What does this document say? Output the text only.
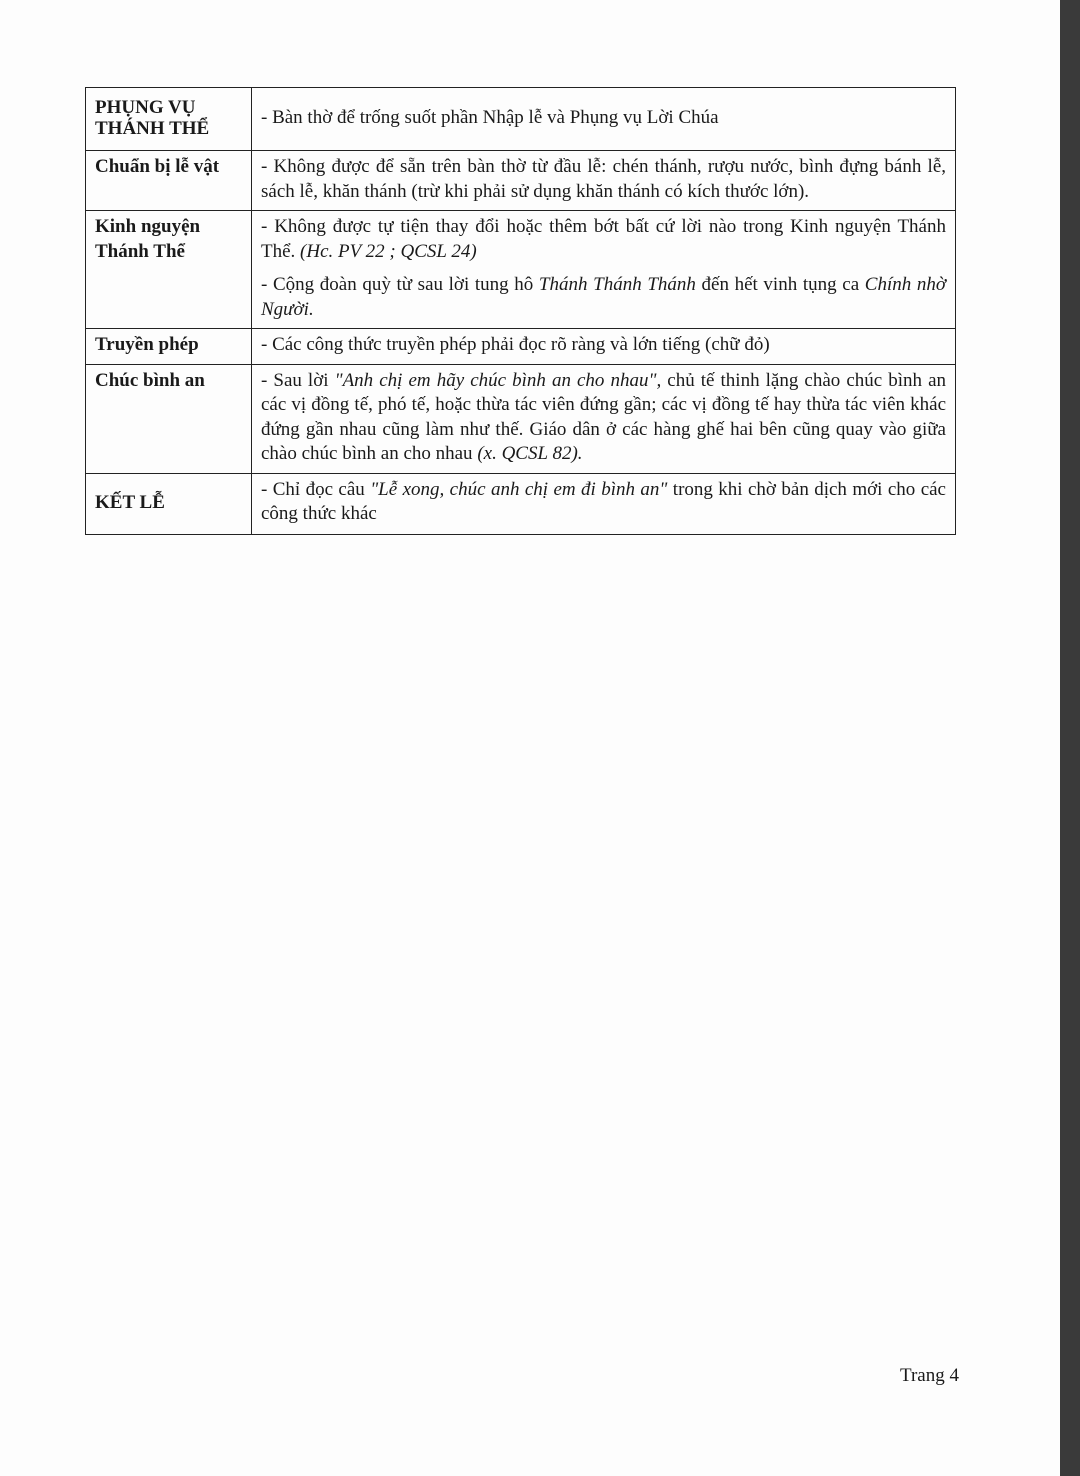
PHỤNG VỤ THÁNH THỂ	- Bàn thờ để trống suốt phần Nhập lễ và Phụng vụ Lời Chúa

Chuẩn bị lễ vật	- Không được để sẵn trên bàn thờ từ đầu lễ: chén thánh, rượu nước, bình đựng bánh lễ, sách lễ, khăn thánh (trừ khi phải sử dụng khăn thánh có kích thước lớn).

Kinh nguyện Thánh Thể	- Không được tự tiện thay đổi hoặc thêm bớt bất cứ lời nào trong Kinh nguyện Thánh Thể. (Hc. PV 22 ; QCSL 24)

- Cộng đoàn quỳ từ sau lời tung hô Thánh Thánh Thánh đến hết vinh tụng ca Chính nhờ Người.

Truyền phép	- Các công thức truyền phép phải đọc rõ ràng và lớn tiếng (chữ đỏ)

Chúc bình an	- Sau lời "Anh chị em hãy chúc bình an cho nhau", chủ tế thinh lặng chào chúc bình an các vị đồng tế, phó tế, hoặc thừa tác viên đứng gần; các vị đồng tế hay thừa tác viên khác đứng gần nhau cũng làm như thế. Giáo dân ở các hàng ghế hai bên cũng quay vào giữa chào chúc bình an cho nhau (x. QCSL 82).

KẾT LỄ	- Chỉ đọc câu "Lễ xong, chúc anh chị em đi bình an" trong khi chờ bản dịch mới cho các công thức khác

Trang 4
